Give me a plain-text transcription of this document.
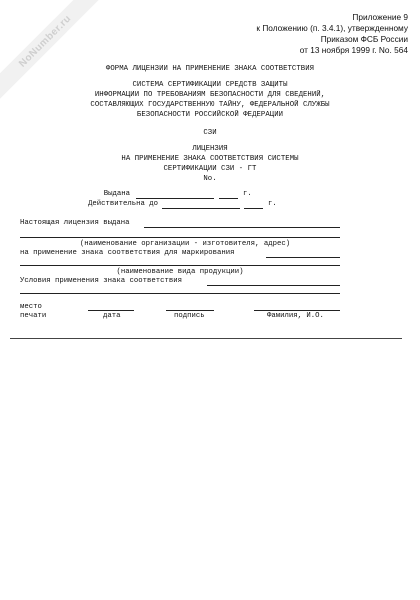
NoNumber.ru	Приложение 9
к Положению (п. 3.4.1), утвержденному
Приказом ФСБ России
от 13 ноября 1999 г. No. 564
ФОРМА ЛИЦЕНЗИИ НА ПРИМЕНЕНИЕ ЗНАКА СООТВЕТСТВИЯ
СИСТЕМА СЕРТИФИКАЦИИ СРЕДСТВ ЗАЩИТЫ
ИНФОРМАЦИИ ПО ТРЕБОВАНИЯМ БЕЗОПАСНОСТИ ДЛЯ СВЕДЕНИЙ,
СОСТАВЛЯЮЩИХ ГОСУДАРСТВЕННУЮ ТАЙНУ, ФЕДЕРАЛЬНОЙ СЛУЖБЫ
БЕЗОПАСНОСТИ РОССИЙСКОЙ ФЕДЕРАЦИИ
СЗИ
ЛИЦЕНЗИЯ
НА ПРИМЕНЕНИЕ ЗНАКА СООТВЕТСТВИЯ СИСТЕМЫ
СЕРТИФИКАЦИИ СЗИ - ГТ
No.
Выдана	г.
Действительна до	г.
Настоящая лицензия выдана
(наименование организации - изготовителя, адрес)
на применение знака соответствия для маркирования
(наименование вида продукции)
Условия применения знака соответствия
место
печати	дата	подпись	Фамилия, И.О.
